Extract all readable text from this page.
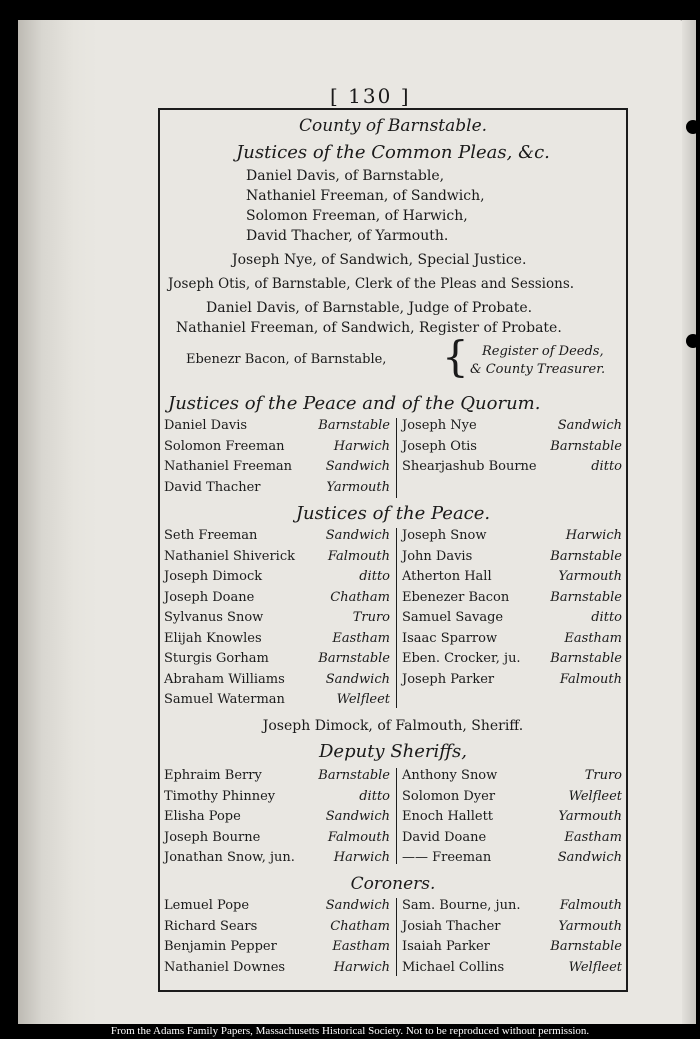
[ 130 ]
County of Barnstable.
Justices of the Common Pleas, &c.
Daniel Davis, of Barnstable,
Nathaniel Freeman, of Sandwich,
Solomon Freeman, of Harwich,
David Thacher, of Yarmouth.
Joseph Nye, of Sandwich, Special Justice.
Joseph Otis, of Barnstable, Clerk of the Pleas and Sessions.
Daniel Davis, of Barnstable, Judge of Probate.
Nathaniel Freeman, of Sandwich, Register of Probate.
Ebenezr Bacon, of Barnstable, { Register of Deeds,
& County Treasurer.
Justices of the Peace and of the Quorum.
Daniel Davis	Barnstable
Solomon Freeman	Harwich
Nathaniel Freeman	Sandwich
David Thacher	Yarmouth
Joseph Nye	Sandwich
Joseph Otis	Barnstable
Shearjashub Bourne	ditto
Justices of the Peace.
Seth Freeman	Sandwich
Nathaniel Shiverick	Falmouth
Joseph Dimock	ditto
Joseph Doane	Chatham
Sylvanus Snow	Truro
Elijah Knowles	Eastham
Sturgis Gorham	Barnstable
Abraham Williams	Sandwich
Samuel Waterman	Welfleet
Joseph Snow	Harwich
John Davis	Barnstable
Atherton Hall	Yarmouth
Ebenezer Bacon	Barnstable
Samuel Savage	ditto
Isaac Sparrow	Eastham
Eben. Crocker, ju. Barnstable
Joseph Parker	Falmouth
Joseph Dimock, of Falmouth, Sheriff.
Deputy Sheriffs,
Ephraim Berry	Barnstable
Timothy Phinney	ditto
Elisha Pope	Sandwich
Joseph Bourne	Falmouth
Jonathan Snow, jun.	Harwich
Anthony Snow	Truro
Solomon Dyer	Welfleet
Enoch Hallett	Yarmouth
David Doane	Eastham
—— Freeman	Sandwich
Coroners.
Lemuel Pope	Sandwich
Richard Sears	Chatham
Benjamin Pepper	Eastham
Nathaniel Downes	Harwich
Sam. Bourne, jun.	Falmouth
Josiah Thacher	Yarmouth
Isaiah Parker	Barnstable
Michael Collins	Welfleet
From the Adams Family Papers, Massachusetts Historical Society. Not to be reproduced without permission.
